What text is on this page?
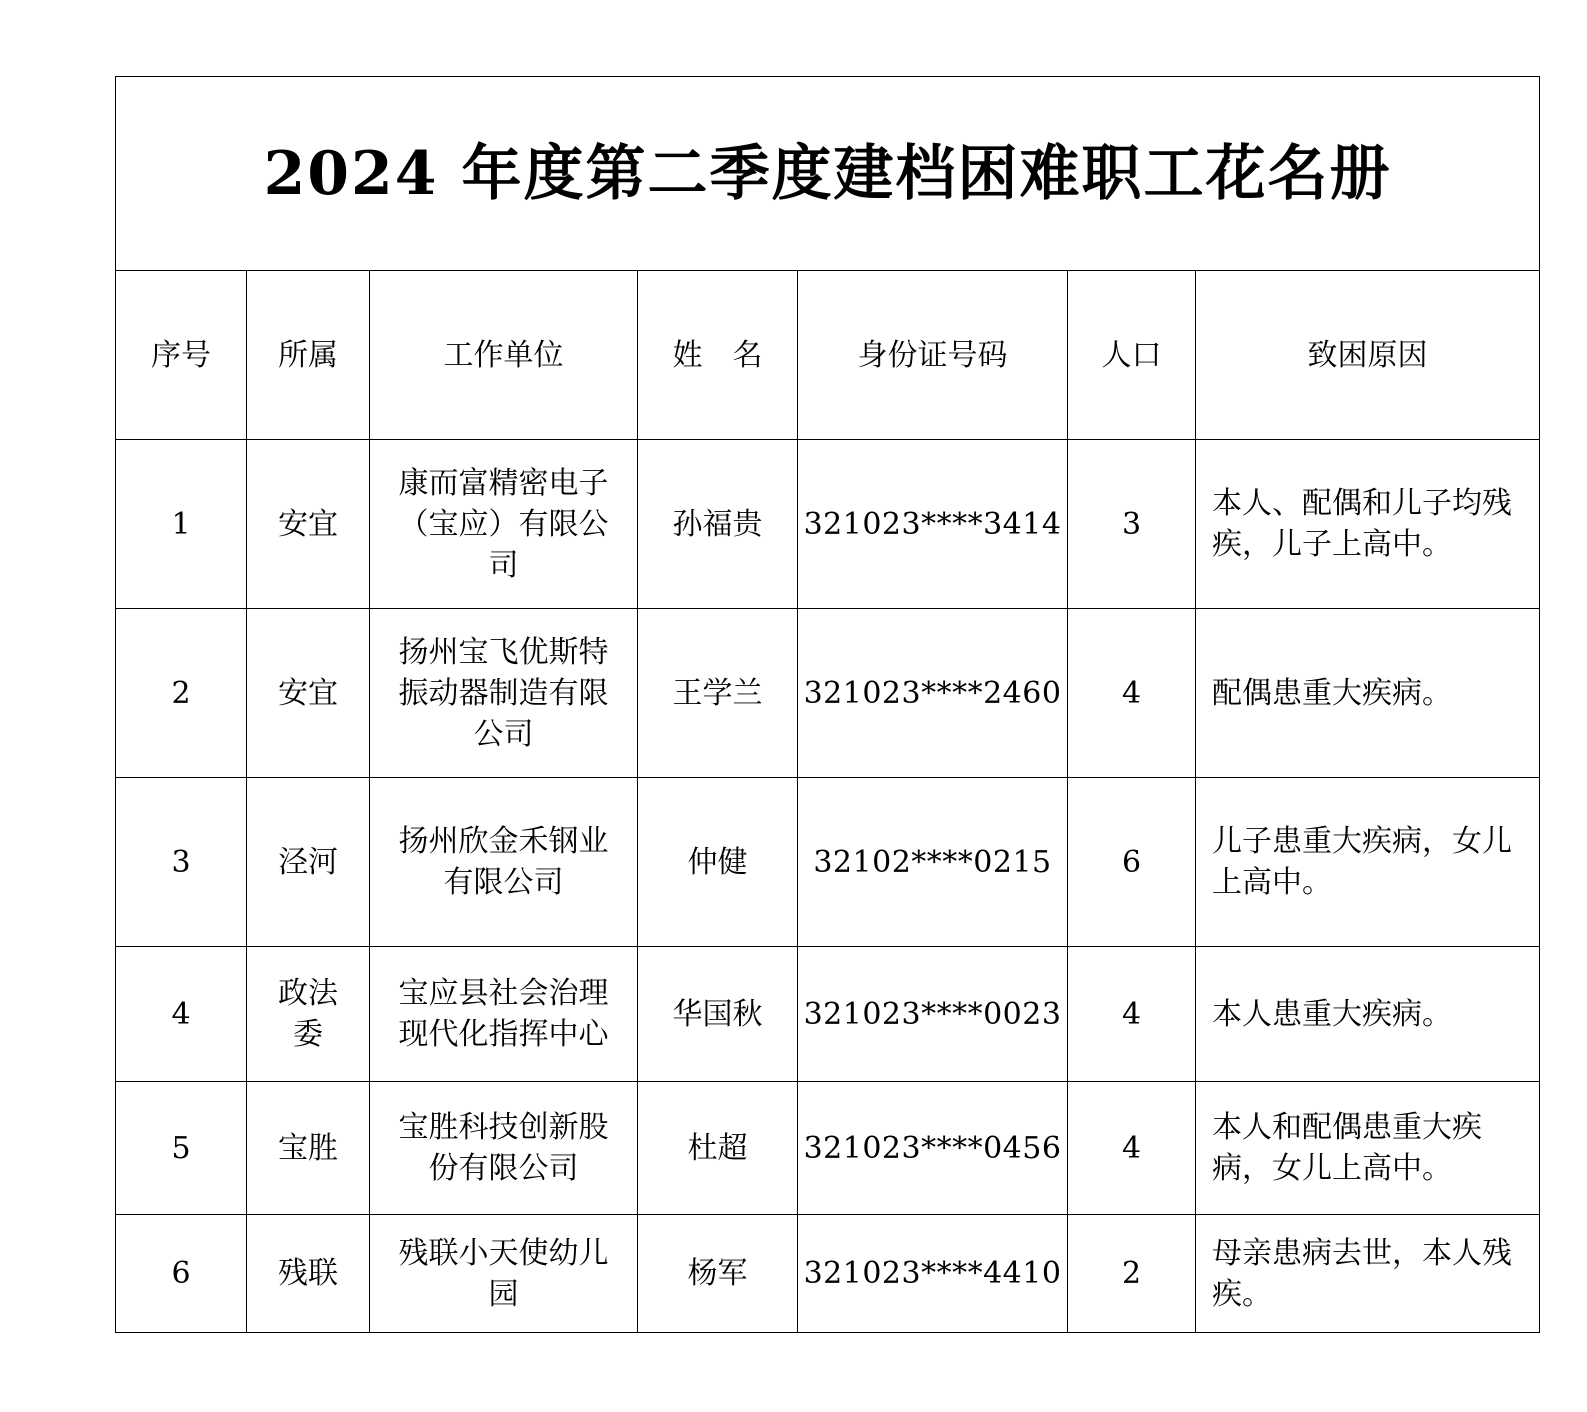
2024 年度第二季度建档困难职工花名册						
序号	所属	工作单位	姓　名	身份证号码	人口	致困原因
1	安宜	康而富精密电子（宝应）有限公司	孙福贵	321023****3414	3	本人、配偶和儿子均残疾，儿子上高中。
2	安宜	扬州宝飞优斯特振动器制造有限公司	王学兰	321023****2460	4	配偶患重大疾病。
3	泾河	扬州欣金禾钢业有限公司	仲健	32102****0215	6	儿子患重大疾病，女儿上高中。
4	政法委	宝应县社会治理现代化指挥中心	华国秋	321023****0023	4	本人患重大疾病。
5	宝胜	宝胜科技创新股份有限公司	杜超	321023****0456	4	本人和配偶患重大疾病，女儿上高中。
6	残联	残联小天使幼儿园	杨军	321023****4410	2	母亲患病去世，本人残疾。
